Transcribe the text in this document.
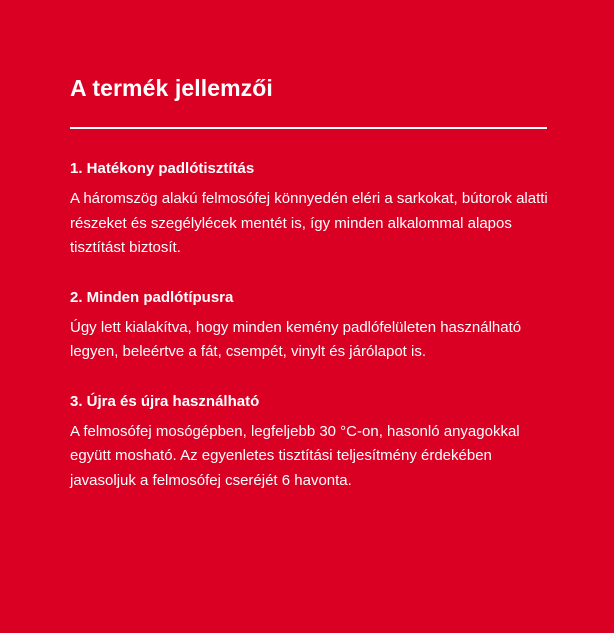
A termék jellemzői

1. Hatékony padlótisztítás

A háromszög alakú felmosófej könnyedén eléri a sarkokat, bútorok alatti részeket és szegélylécek mentét is, így minden alkalommal alapos tisztítást biztosít.

2. Minden padlótípusra

Úgy lett kialakítva, hogy minden kemény padlófelületen használható legyen, beleértve a fát, csempét, vinylt és járólapot is.

3. Újra és újra használható

A felmosófej mosógépben, legfeljebb 30 °C-on, hasonló anyagokkal együtt mosható. Az egyenletes tisztítási teljesítmény érdekében javasoljuk a felmosófej cseréjét 6 havonta.
